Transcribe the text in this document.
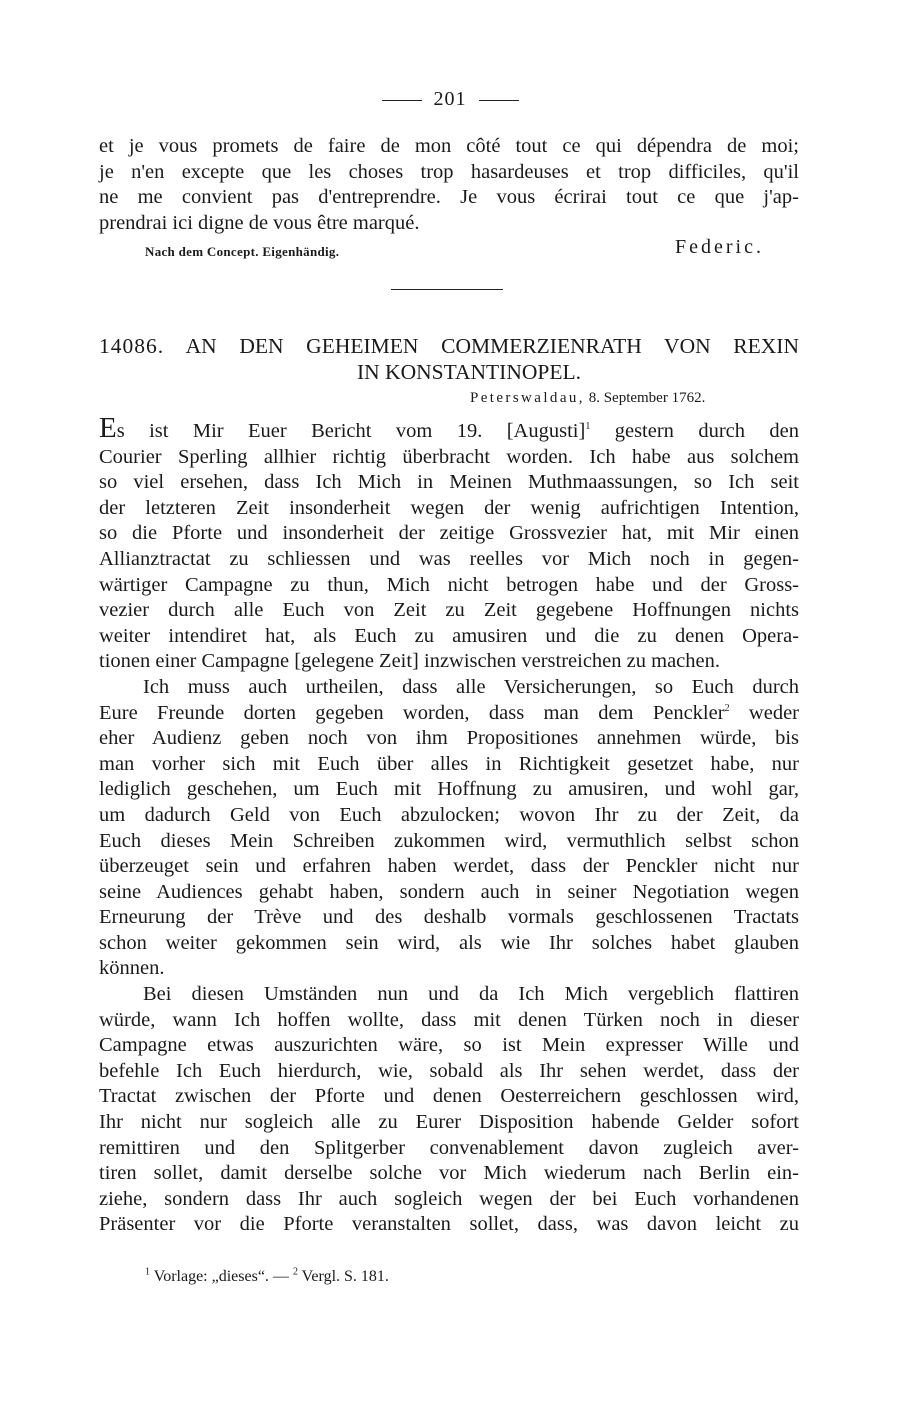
201
et je vous promets de faire de mon côté tout ce qui dépendra de moi;
je n'en excepte que les choses trop hasardeuses et trop difficiles, qu'il
ne me convient pas d'entreprendre. Je vous écrirai tout ce que j'ap-
prendrai ici digne de vous être marqué.
Nach dem Concept. Eigenhändig.	Federic.
14086. AN DEN GEHEIMEN COMMERZIENRATH VON REXIN
IN KONSTANTINOPEL.
Peterswaldau, 8. September 1762.
Es ist Mir Euer Bericht vom 19. [Augusti]$^1$ gestern durch den
Courier Sperling allhier richtig überbracht worden. Ich habe aus solchem
so viel ersehen, dass Ich Mich in Meinen Muthmaassungen, so Ich seit
der letzteren Zeit insonderheit wegen der wenig aufrichtigen Intention,
so die Pforte und insonderheit der zeitige Grossvezier hat, mit Mir einen
Allianztractat zu schliessen und was reelles vor Mich noch in gegen-
wärtiger Campagne zu thun, Mich nicht betrogen habe und der Gross-
vezier durch alle Euch von Zeit zu Zeit gegebene Hoffnungen nichts
weiter intendiret hat, als Euch zu amusiren und die zu denen Opera-
tionen einer Campagne [gelegene Zeit] inzwischen verstreichen zu machen.
Ich muss auch urtheilen, dass alle Versicherungen, so Euch durch
Eure Freunde dorten gegeben worden, dass man dem Penckler$^2$ weder
eher Audienz geben noch von ihm Propositiones annehmen würde, bis
man vorher sich mit Euch über alles in Richtigkeit gesetzet habe, nur
lediglich geschehen, um Euch mit Hoffnung zu amusiren, und wohl gar,
um dadurch Geld von Euch abzulocken; wovon Ihr zu der Zeit, da
Euch dieses Mein Schreiben zukommen wird, vermuthlich selbst schon
überzeuget sein und erfahren haben werdet, dass der Penckler nicht nur
seine Audiences gehabt haben, sondern auch in seiner Negotiation wegen
Erneurung der Trève und des deshalb vormals geschlossenen Tractats
schon weiter gekommen sein wird, als wie Ihr solches habet glauben
können.
Bei diesen Umständen nun und da Ich Mich vergeblich flattiren
würde, wann Ich hoffen wollte, dass mit denen Türken noch in dieser
Campagne etwas auszurichten wäre, so ist Mein expresser Wille und
befehle Ich Euch hierdurch, wie, sobald als Ihr sehen werdet, dass der
Tractat zwischen der Pforte und denen Oesterreichern geschlossen wird,
Ihr nicht nur sogleich alle zu Eurer Disposition habende Gelder sofort
remittiren und den Splitgerber convenablement davon zugleich aver-
tiren sollet, damit derselbe solche vor Mich wiederum nach Berlin ein-
ziehe, sondern dass Ihr auch sogleich wegen der bei Euch vorhandenen
Präsenter vor die Pforte veranstalten sollet, dass, was davon leicht zu
$^1$ Vorlage: „dieses“. — $^2$ Vergl. S. 181.
